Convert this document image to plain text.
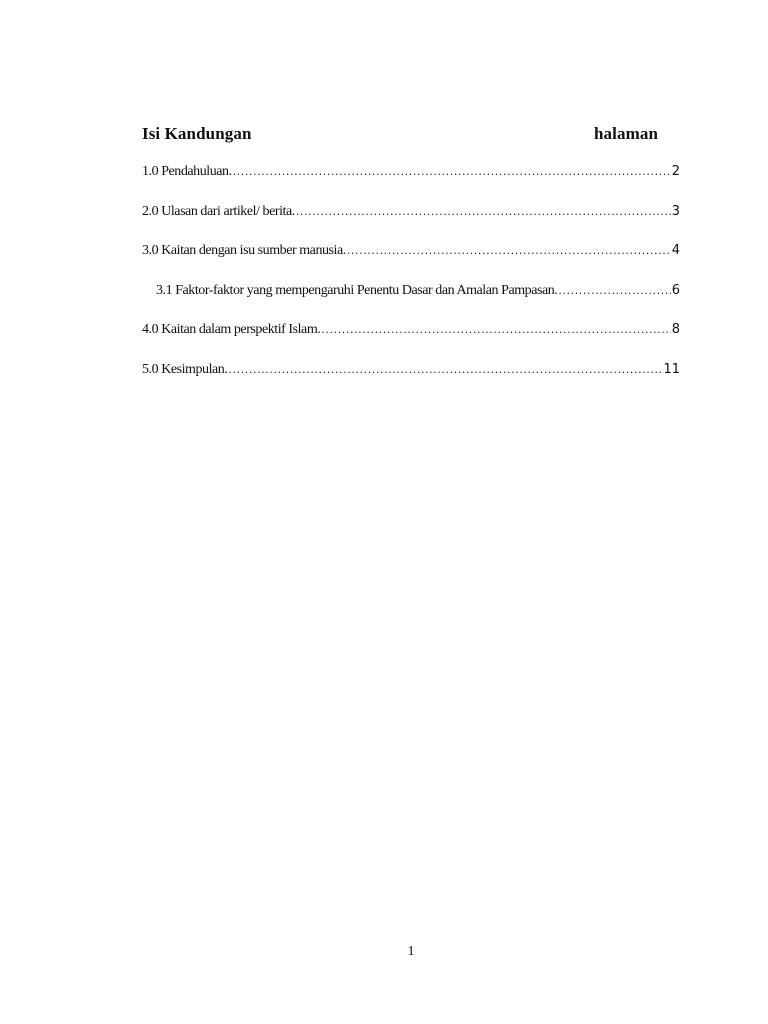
Isi Kandungan	halaman
1.0 Pendahuluan. .....	2
2.0 Ulasan dari artikel/ berita. .....	3
3.0 Kaitan dengan isu sumber manusia. .....	4
3.1 Faktor-faktor yang mempengaruhi Penentu Dasar dan Amalan Pampasan. .....	6
4.0 Kaitan dalam perspektif Islam. .....	8
5.0 Kesimpulan. .....	11
1
